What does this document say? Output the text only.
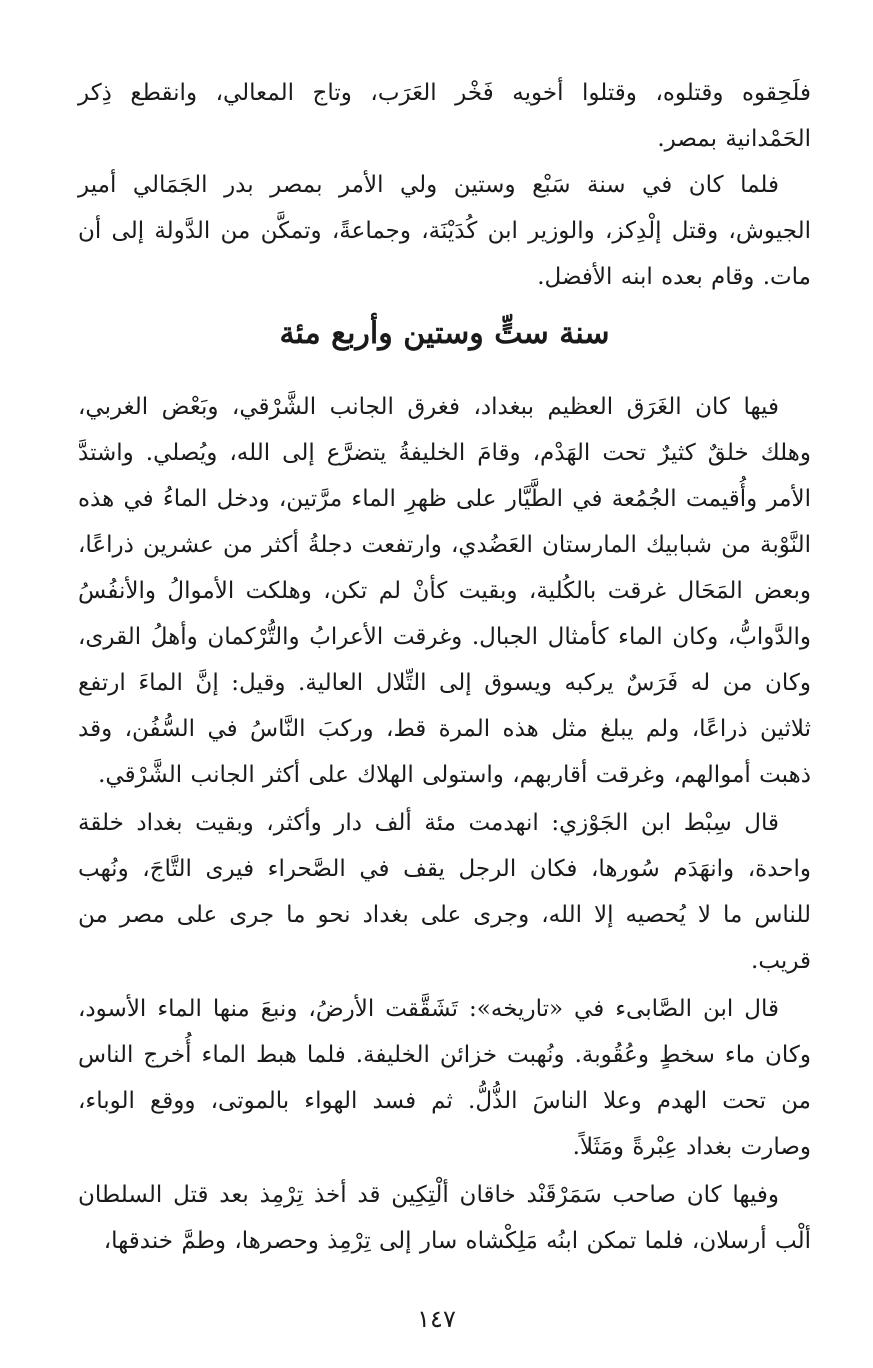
فلَحِقوه وقتلوه، وقتلوا أخويه فَخْر العَرَب، وتاج المعالي، وانقطع ذِكر الحَمْدانية بمصر.

فلما كان في سنة سَبْع وستين ولي الأمر بمصر بدر الجَمَالي أمير الجيوش، وقتل إلْدِكز، والوزير ابن كُدَيْنَة، وجماعةً، وتمكَّن من الدَّولة إلى أن مات. وقام بعده ابنه الأفضل.

سنة ستٍّ وستين وأربع مئة

فيها كان الغَرَق العظيم ببغداد، فغرق الجانب الشَّرْقي، وبَعْض الغربي، وهلك خلقٌ كثيرٌ تحت الهَدْم، وقامَ الخليفةُ يتضرَّع إلى الله، ويُصلي. واشتدَّ الأمر وأُقيمت الجُمُعة في الطَّيَّار على ظهرِ الماء مرَّتين، ودخل الماءُ في هذه النَّوْبة من شبابيك المارستان العَضُدي، وارتفعت دجلةُ أكثر من عشرين ذراعًا، وبعض المَحَال غرقت بالكُلية، وبقيت كأنْ لم تكن، وهلكت الأموالُ والأنفُسُ والدَّوابُّ، وكان الماء كأمثال الجبال. وغرقت الأعرابُ والتُّرْكمان وأهلُ القرى، وكان من له فَرَسٌ يركبه ويسوق إلى التِّلال العالية. وقيل: إنَّ الماءَ ارتفع ثلاثين ذراعًا، ولم يبلغ مثل هذه المرة قط، وركبَ النَّاسُ في السُّفُن، وقد ذهبت أموالهم، وغرقت أقاربهم، واستولى الهلاك على أكثر الجانب الشَّرْقي.

قال سِبْط ابن الجَوْزي: انهدمت مئة ألف دار وأكثر، وبقيت بغداد خلقة واحدة، وانهَدَم سُورها، فكان الرجل يقف في الصَّحراء فيرى التَّاجَ، ونُهب للناس ما لا يُحصيه إلا الله، وجرى على بغداد نحو ما جرى على مصر من قريب.

قال ابن الصَّابىء في «تاريخه»: تَشَقَّقت الأرضُ، ونبعَ منها الماء الأسود، وكان ماء سخطٍ وعُقُوبة. ونُهبت خزائن الخليفة. فلما هبط الماء أُخرج الناس من تحت الهدم وعلا الناسَ الذُّلُّ. ثم فسد الهواء بالموتى، ووقع الوباء، وصارت بغداد عِبْرةً ومَثَلاً.

وفيها كان صاحب سَمَرْقَنْد خاقان ألْتِكِين قد أخذ تِرْمِذ بعد قتل السلطان ألْب أرسلان، فلما تمكن ابنُه مَلِكْشاه سار إلى تِرْمِذ وحصرها، وطمَّ خندقها،

١٤٧
